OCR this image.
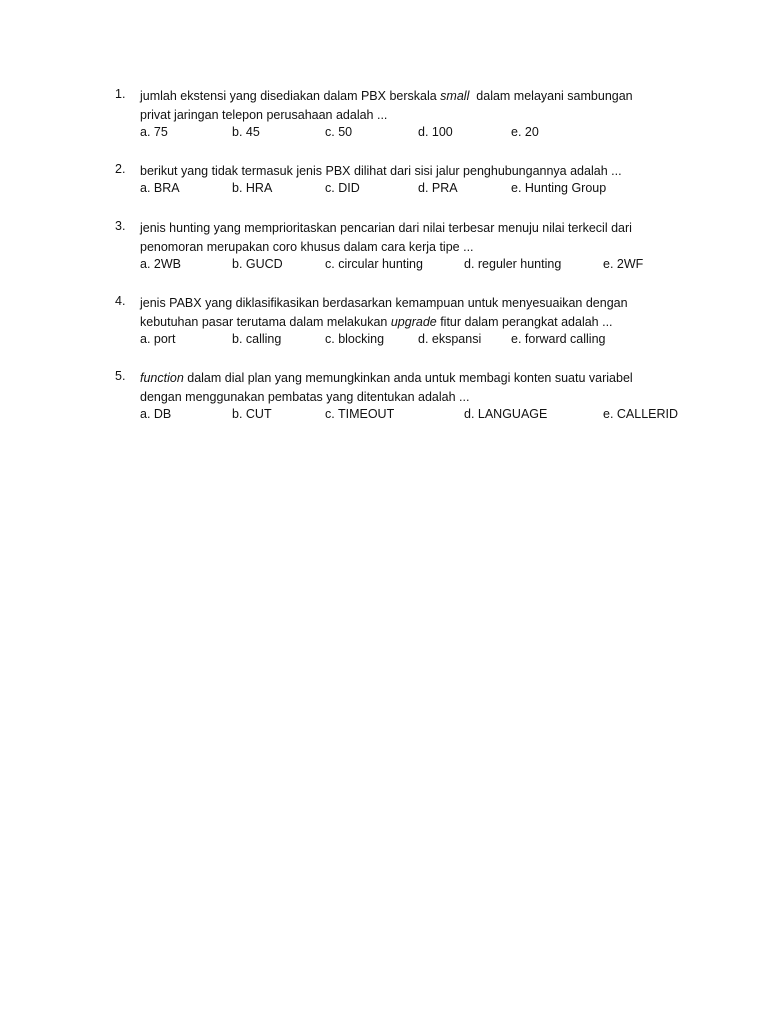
1.	jumlah ekstensi yang disediakan dalam PBX berskala small  dalam melayani sambungan
privat jaringan telepon perusahaan adalah ...
a. 75	b. 45	c. 50	d. 100	e. 20
2.	berikut yang tidak termasuk jenis PBX dilihat dari sisi jalur penghubungannya adalah ...
a. BRA	b. HRA	c. DID	d. PRA	e. Hunting Group
3.	jenis hunting yang memprioritaskan pencarian dari nilai terbesar menuju nilai terkecil dari
penomoran merupakan coro khusus dalam cara kerja tipe ...
a. 2WB	b. GUCD	c. circular hunting	d. reguler hunting	e. 2WF
4.	jenis PABX yang diklasifikasikan berdasarkan kemampuan untuk menyesuaikan dengan
kebutuhan pasar terutama dalam melakukan upgrade fitur dalam perangkat adalah ...
a. port	b. calling	c. blocking	d. ekspansi e. forward calling
5.	function dalam dial plan yang memungkinkan anda untuk membagi konten suatu variabel
dengan menggunakan pembatas yang ditentukan adalah ...
a. DB	b. CUT	c. TIMEOUT	d. LANGUAGE	e. CALLERID
